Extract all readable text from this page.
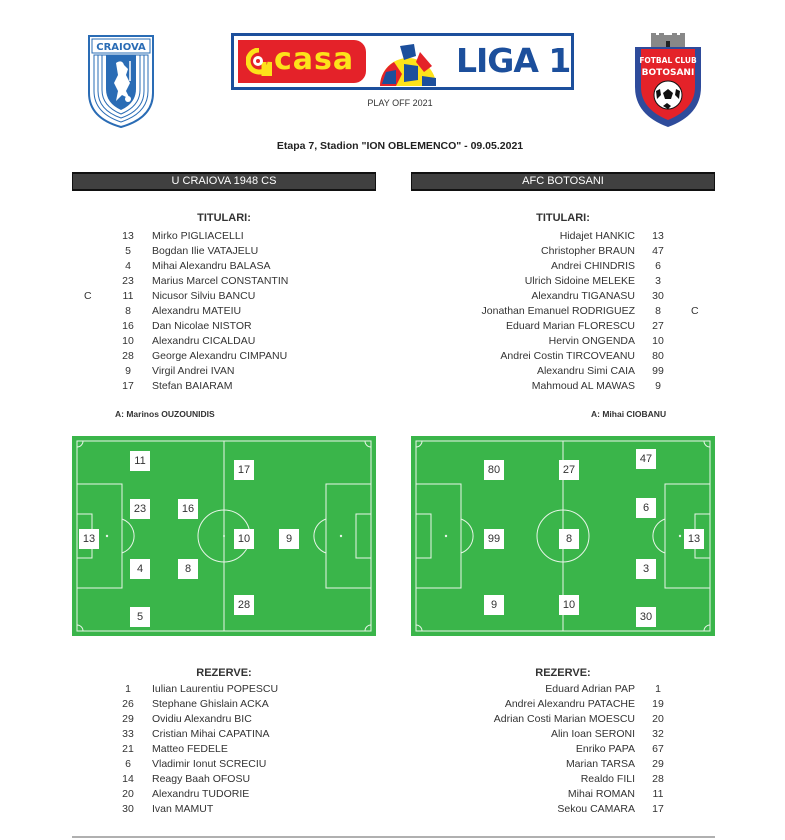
CRAIOVA	casa	LIGA 1
PLAY OFF 2021
FOTBAL CLUB
BOTOSANI
Etapa 7, Stadion "ION OBLEMENCO" - 09.05.2021
U CRAIOVA 1948 CS	AFC BOTOSANI
TITULARI:	TITULARI:
13	Mirko PIGLIACELLI
5	Bogdan Ilie VATAJELU
4	Mihai Alexandru BALASA
23	Marius Marcel CONSTANTIN
C	11	Nicusor Silviu BANCU
8	Alexandru MATEIU
16	Dan Nicolae NISTOR
10	Alexandru CICALDAU
28	George Alexandru CIMPANU
9	Virgil Andrei IVAN
17	Stefan BAIARAM
Hidajet HANKIC	13
Christopher BRAUN	47
Andrei CHINDRIS	6
Ulrich Sidoine MELEKE	3
Alexandru TIGANASU	30
Jonathan Emanuel RODRIGUEZ	8	C
Eduard Marian FLORESCU	27
Hervin ONGENDA	10
Andrei Costin TIRCOVEANU	80
Alexandru Simi CAIA	99
Mahmoud AL MAWAS	9
A: Marinos OUZOUNIDIS	A: Mihai CIOBANU
11
23
13
4
5
16
8
17
10
28
9
80
99
9
27
8
10
47
6
3
30
13
REZERVE:	REZERVE:
1	Iulian Laurentiu POPESCU
26	Stephane Ghislain ACKA
29	Ovidiu Alexandru BIC
33	Cristian Mihai CAPATINA
21	Matteo FEDELE
6	Vladimir Ionut SCRECIU
14	Reagy Baah OFOSU
20	Alexandru TUDORIE
30	Ivan MAMUT
Eduard Adrian PAP	1
Andrei Alexandru PATACHE	19
Adrian Costi Marian MOESCU	20
Alin Ioan SERONI	32
Enriko PAPA	67
Marian TARSA	29
Realdo FILI	28
Mihai ROMAN	11
Sekou CAMARA	17
